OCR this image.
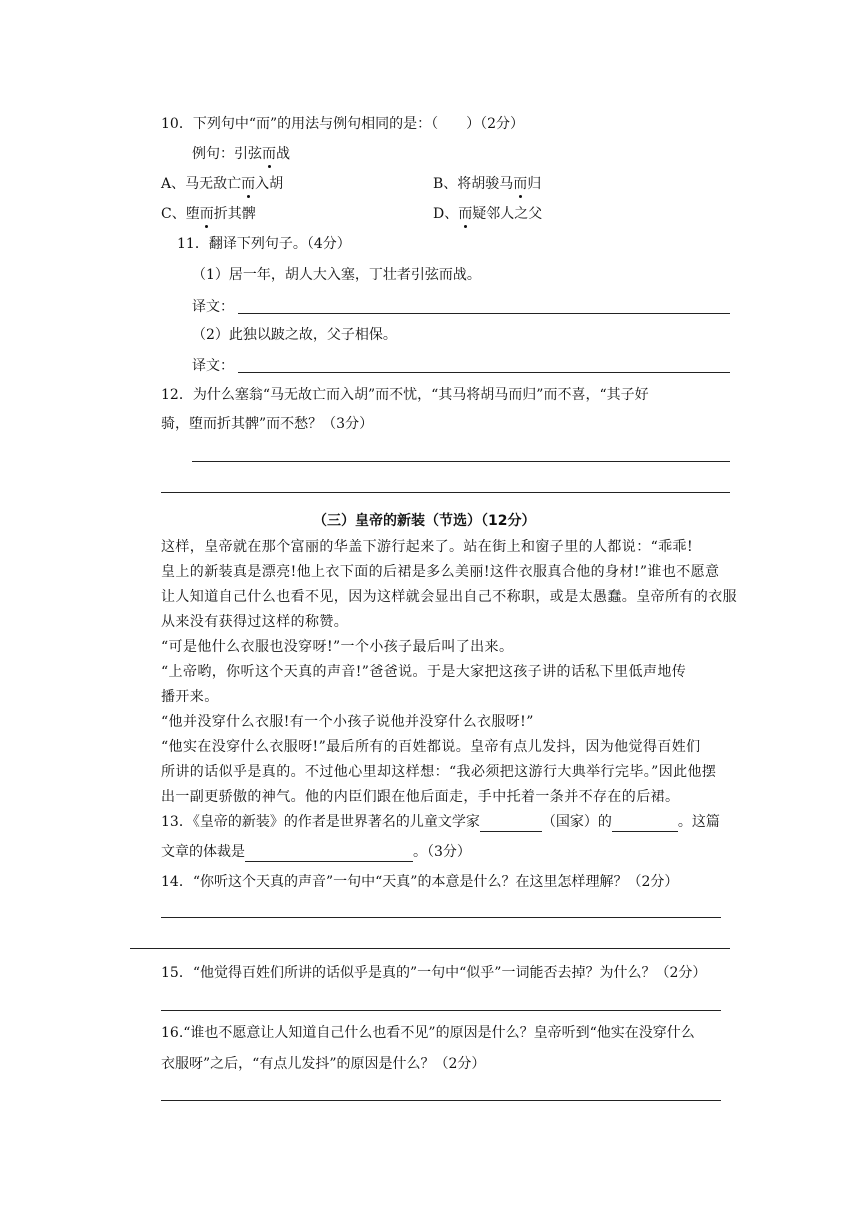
10．下列句中“而”的用法与例句相同的是：（　　）（2分）
例句：引弦而战
A、马无敌亡而入胡	B、将胡骏马而归
C、堕而折其髀	D、而疑邻人之父
11．翻译下列句子。（4分）
（1）居一年，胡人大入塞，丁壮者引弦而战。
译文：
（2）此独以跛之故，父子相保。
译文：
12．为什么塞翁“马无故亡而入胡”而不忧，“其马将胡马而归”而不喜，“其子好
骑，堕而折其髀”而不愁？（3分）
（三）皇帝的新装（节选）（12分）
这样，皇帝就在那个富丽的华盖下游行起来了。站在街上和窗子里的人都说：“乖乖!
皇上的新装真是漂亮!他上衣下面的后裙是多么美丽!这件衣服真合他的身材!”谁也不愿意
让人知道自己什么也看不见，因为这样就会显出自己不称职，或是太愚蠢。皇帝所有的衣服
从来没有获得过这样的称赞。
“可是他什么衣服也没穿呀!”一个小孩子最后叫了出来。
“上帝哟，你听这个天真的声音!”爸爸说。于是大家把这孩子讲的话私下里低声地传
播开来。
“他并没穿什么衣服!有一个小孩子说他并没穿什么衣服呀!”
“他实在没穿什么衣服呀!”最后所有的百姓都说。皇帝有点儿发抖，因为他觉得百姓们
所讲的话似乎是真的。不过他心里却这样想：“我必须把这游行大典举行完毕。”因此他摆
出一副更骄傲的神气。他的内臣们跟在他后面走，手中托着一条并不存在的后裙。
13．《皇帝的新装》的作者是世界著名的儿童文学家	（国家）的	。这篇
文章的体裁是	。（3分）
14．“你听这个天真的声音”一句中“天真”的本意是什么？在这里怎样理解？（2分）
15．“他觉得百姓们所讲的话似乎是真的”一句中“似乎”一词能否去掉？为什么？（2分）
16.“谁也不愿意让人知道自己什么也看不见”的原因是什么？皇帝听到“他实在没穿什么
衣服呀”之后，“有点儿发抖”的原因是什么？（2分）
